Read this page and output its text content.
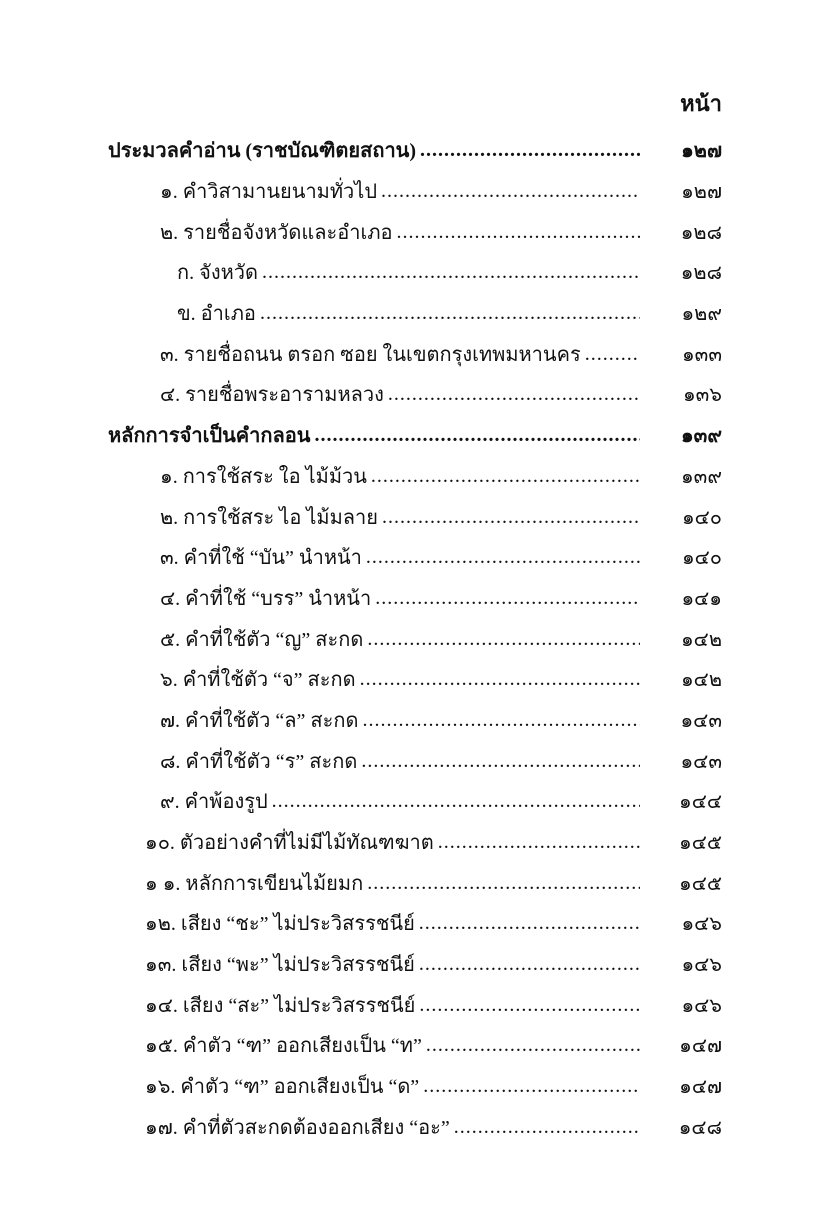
หน้า
ประมวลคำอ่าน (ราชบัณฑิตยสถาน) .....	๑๒๗
๑. คำวิสามานยนามทั่วไป .....	๑๒๗
๒. รายชื่อจังหวัดและอำเภอ .....	๑๒๘
ก. จังหวัด .....	๑๒๘
ข. อำเภอ .....	๑๒๙
๓. รายชื่อถนน ตรอก ซอย ในเขตกรุงเทพมหานคร .....	๑๓๓
๔. รายชื่อพระอารามหลวง .....	๑๓๖
หลักการจำเป็นคำกลอน .....	๑๓๙
๑. การใช้สระ ใอ ไม้ม้วน .....	๑๓๙
๒. การใช้สระ ไอ ไม้มลาย .....	๑๔๐
๓. คำที่ใช้ “บัน” นำหน้า .....	๑๔๐
๔. คำที่ใช้ “บรร” นำหน้า .....	๑๔๑
๕. คำที่ใช้ตัว “ญ” สะกด .....	๑๔๒
๖. คำที่ใช้ตัว “จ” สะกด .....	๑๔๒
๗. คำที่ใช้ตัว “ล” สะกด .....	๑๔๓
๘. คำที่ใช้ตัว “ร” สะกด .....	๑๔๓
๙. คำพ้องรูป .....	๑๔๔
๑๐. ตัวอย่างคำที่ไม่มีไม้ทัณฑฆาต .....	๑๔๕
๑ ๑. หลักการเขียนไม้ยมก .....	๑๔๕
๑๒. เสียง “ชะ” ไม่ประวิสรรชนีย์ .....	๑๔๖
๑๓. เสียง “พะ” ไม่ประวิสรรชนีย์ .....	๑๔๖
๑๔. เสียง “สะ” ไม่ประวิสรรชนีย์ .....	๑๔๖
๑๕. คำตัว “ฑ” ออกเสียงเป็น “ท” .....	๑๔๗
๑๖. คำตัว “ฑ” ออกเสียงเป็น “ด” .....	๑๔๗
๑๗. คำที่ตัวสะกดต้องออกเสียง “อะ” .....	๑๔๘
